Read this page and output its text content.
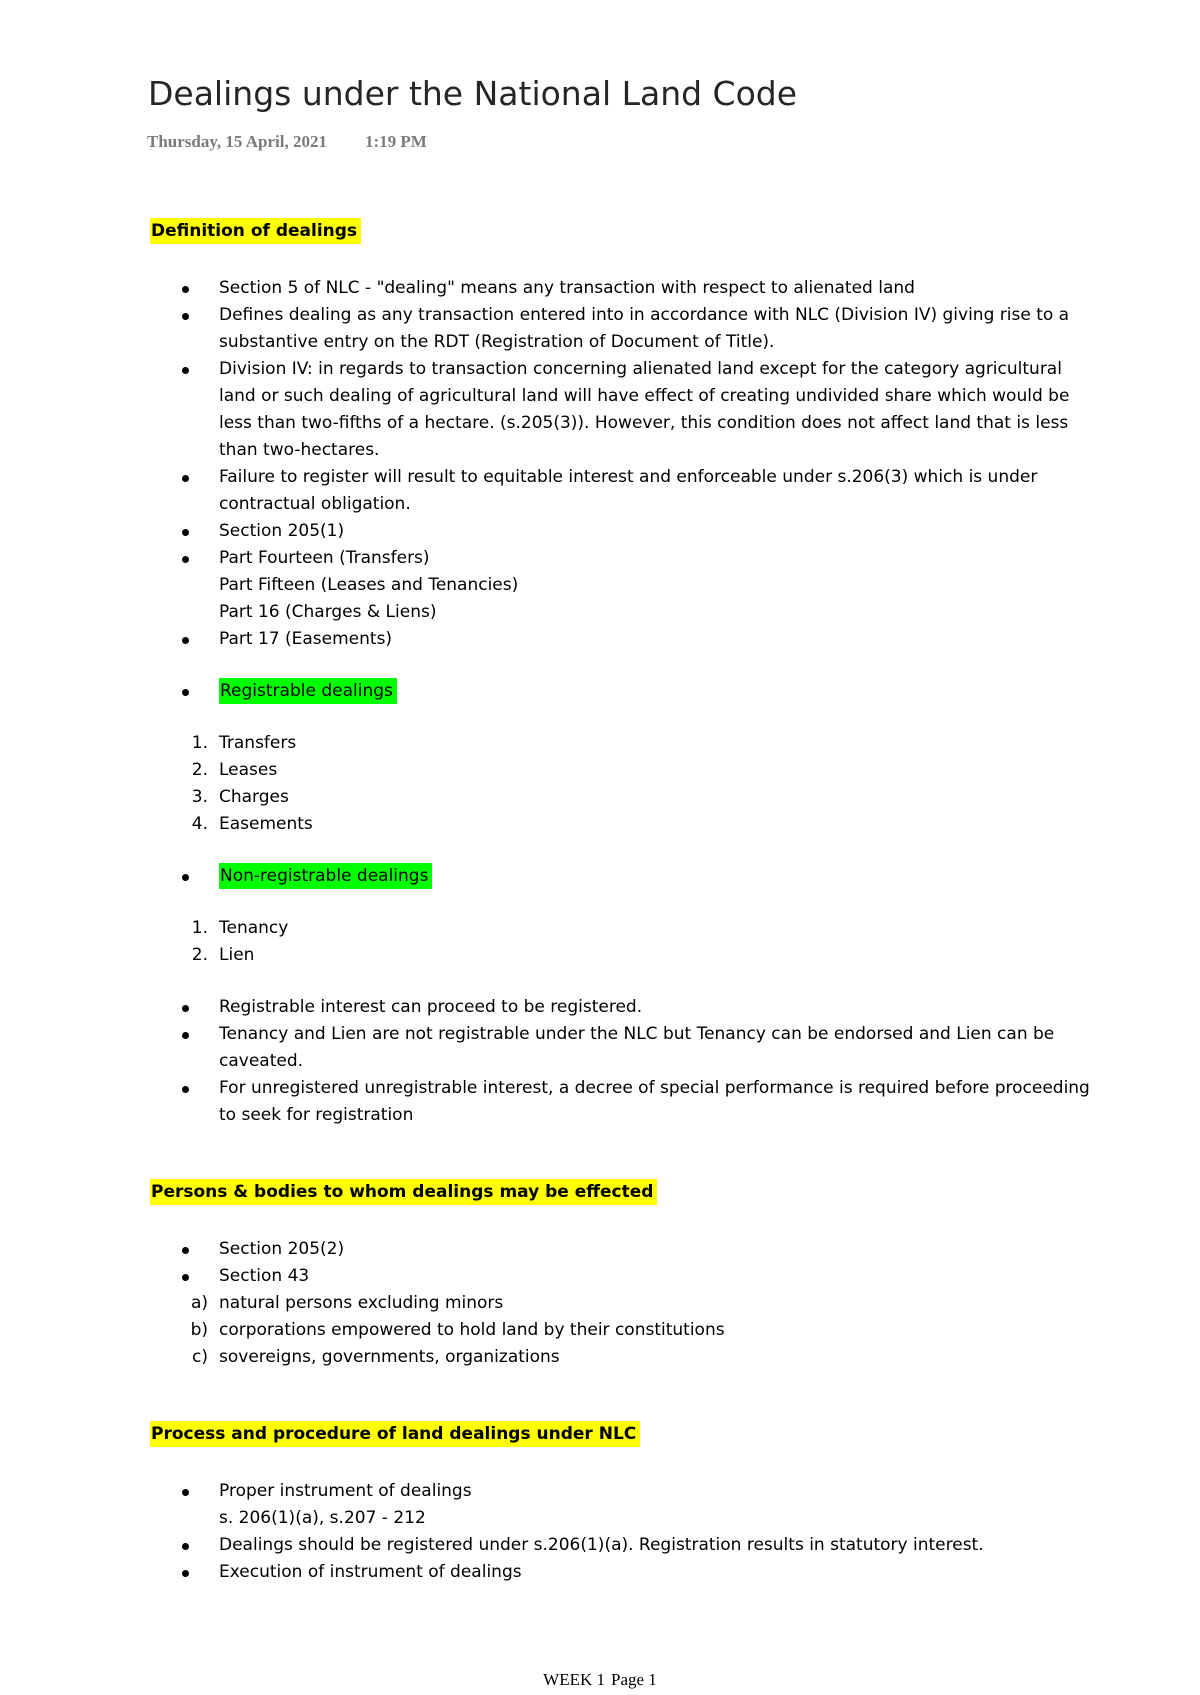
Dealings under the National Land Code
Thursday, 15 April, 2021 1:19 PM

Definition of dealings

Section 5 of NLC - "dealing" means any transaction with respect to alienated land
Defines dealing as any transaction entered into in accordance with NLC (Division IV) giving rise to a substantive entry on the RDT (Registration of Document of Title).
Division IV: in regards to transaction concerning alienated land except for the category agricultural land or such dealing of agricultural land will have effect of creating undivided share which would be less than two-fifths of a hectare. (s.205(3)). However, this condition does not affect land that is less than two-hectares.
Failure to register will result to equitable interest and enforceable under s.206(3) which is under contractual obligation.
Section 205(1)
Part Fourteen (Transfers)
Part Fifteen (Leases and Tenancies)
Part 16 (Charges & Liens)
Part 17 (Easements)
Registrable dealings
1. Transfers
2. Leases
3. Charges
4. Easements
Non-registrable dealings
1. Tenancy
2. Lien
Registrable interest can proceed to be registered.
Tenancy and Lien are not registrable under the NLC but Tenancy can be endorsed and Lien can be caveated.
For unregistered unregistrable interest, a decree of special performance is required before proceeding to seek for registration

Persons & bodies to whom dealings may be effected

Section 205(2)
Section 43
a) natural persons excluding minors
b) corporations empowered to hold land by their constitutions
c) sovereigns, governments, organizations

Process and procedure of land dealings under NLC

Proper instrument of dealings
s. 206(1)(a), s.207 - 212
Dealings should be registered under s.206(1)(a). Registration results in statutory interest.
Execution of instrument of dealings
WEEK 1 Page 1
